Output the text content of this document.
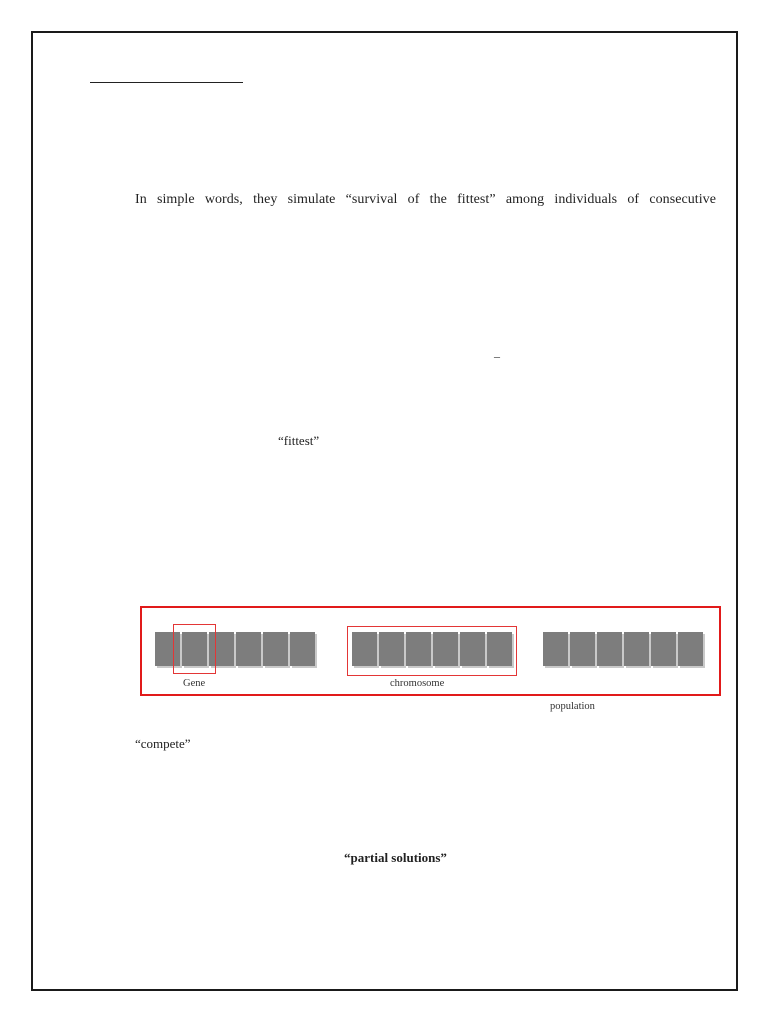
In simple words, they simulate “survival of the fittest” among individuals of consecutive
–
“fittest”
Gene	chromosome
population
“compete”
“partial solutions”
